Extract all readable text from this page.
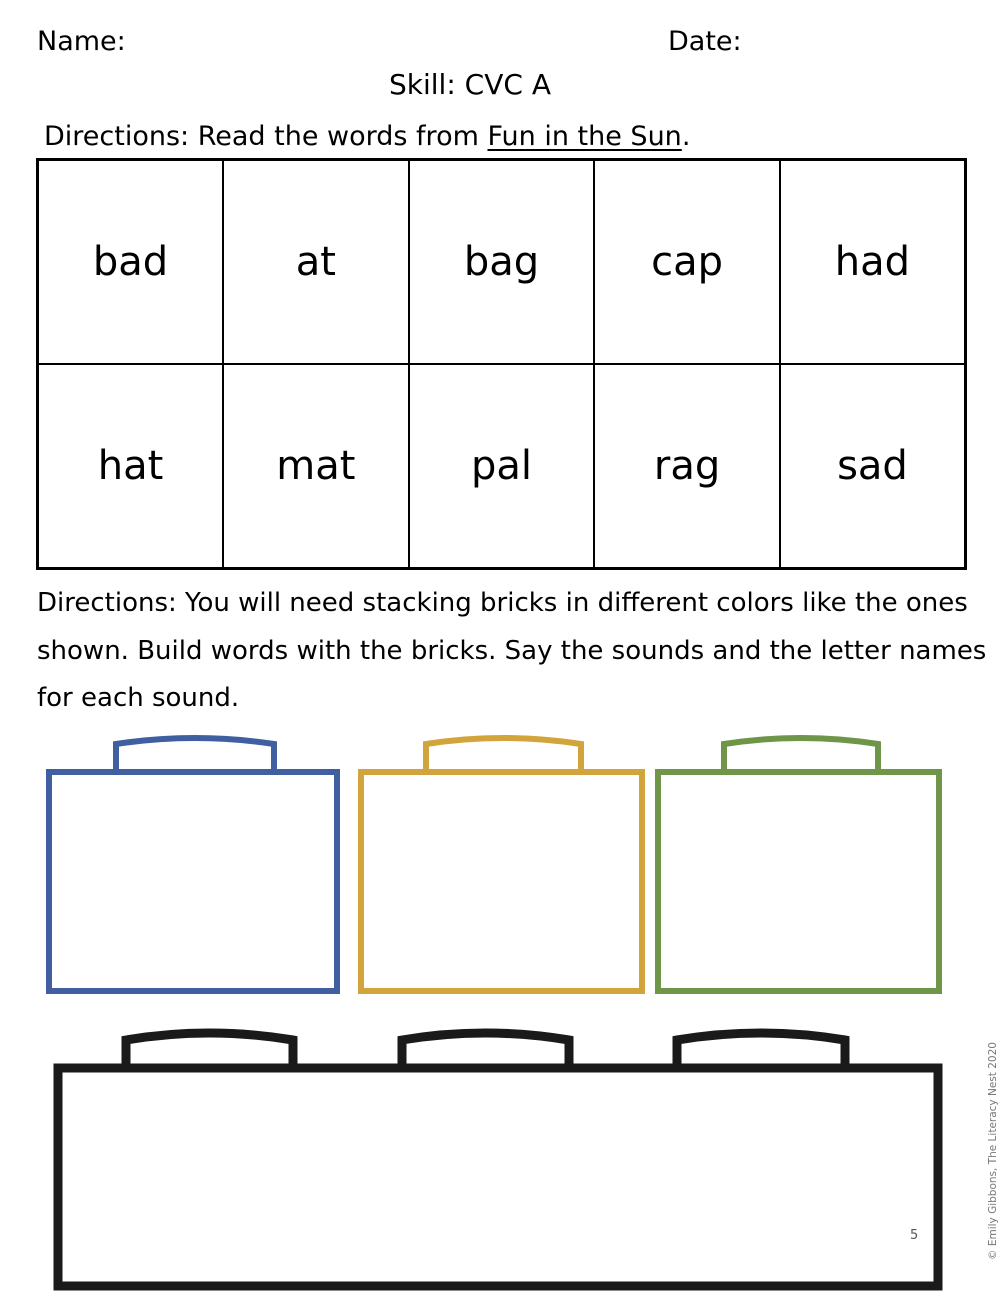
Name:	Date:
Skill: CVC A
Directions: Read the words from Fun in the Sun.
bad	at	bag	cap	had
hat	mat	pal	rag	sad
Directions: You will need stacking bricks in different colors like the ones shown. Build words with the bricks. Say the sounds and the letter names for each sound.
5	© Emily Gibbons, The Literacy Nest 2020
